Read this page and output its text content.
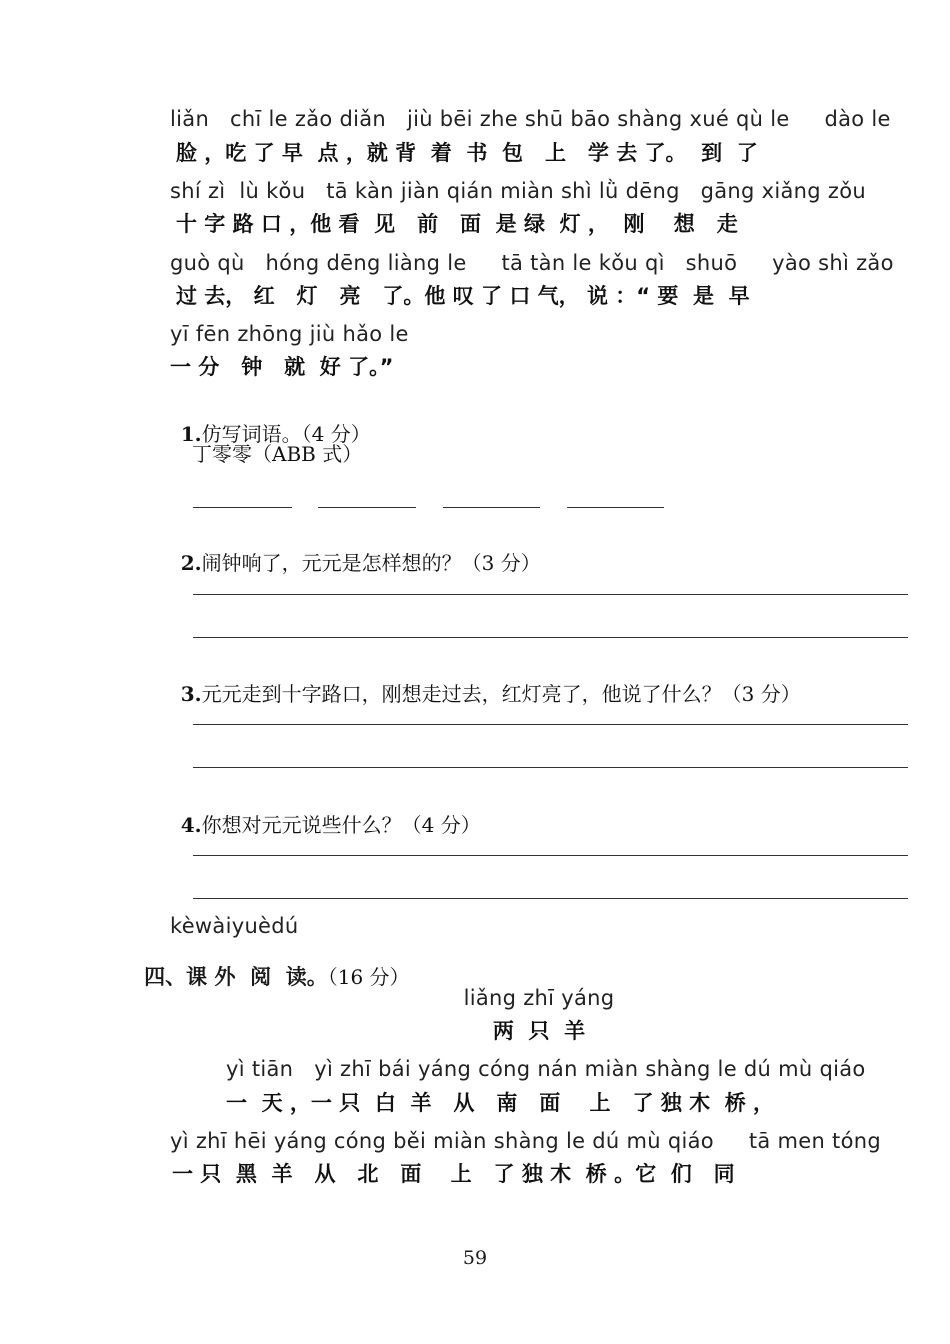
liǎn   chī le zǎo diǎn   jiù bēi zhe shū bāo shàng xué qù le     dào le
脸 ，吃 了 早  点 ，就 背  着  书  包   上   学 去 了。  到  了
shí zì  lù kǒu   tā kàn jiàn qián miàn shì lǜ dēng   gāng xiǎng zǒu
十 字 路 口 ，他 看  见   前   面  是 绿  灯 ，  刚    想   走
guò qù   hóng dēng liàng le     tā tàn le kǒu qì   shuō     yào shì zǎo
过 去， 红   灯   亮   了。他 叹 了 口 气， 说 ：“ 要  是  早
yī fēn zhōng jiù hǎo le
一 分   钟   就  好 了。”

1.仿写词语。（4 分）

丁零零（ABB 式）

2.闹钟响了，元元是怎样想的？（3 分）

3.元元走到十字路口，刚想走过去，红灯亮了，他说了什么？（3 分）

4.你想对元元说些什么？（4 分）

kèwàiyuèdú

四、课 外  阅  读。（16 分）

liǎng zhī yáng
两  只  羊
yì tiān   yì zhī bái yáng cóng nán miàn shàng le dú mù qiáo
一  天 ，一 只  白  羊   从   南   面    上   了 独 木  桥 ，
yì zhī hēi yáng cóng běi miàn shàng le dú mù qiáo     tā men tóng
一 只  黑  羊   从   北   面    上   了 独 木  桥 。它  们   同
59
